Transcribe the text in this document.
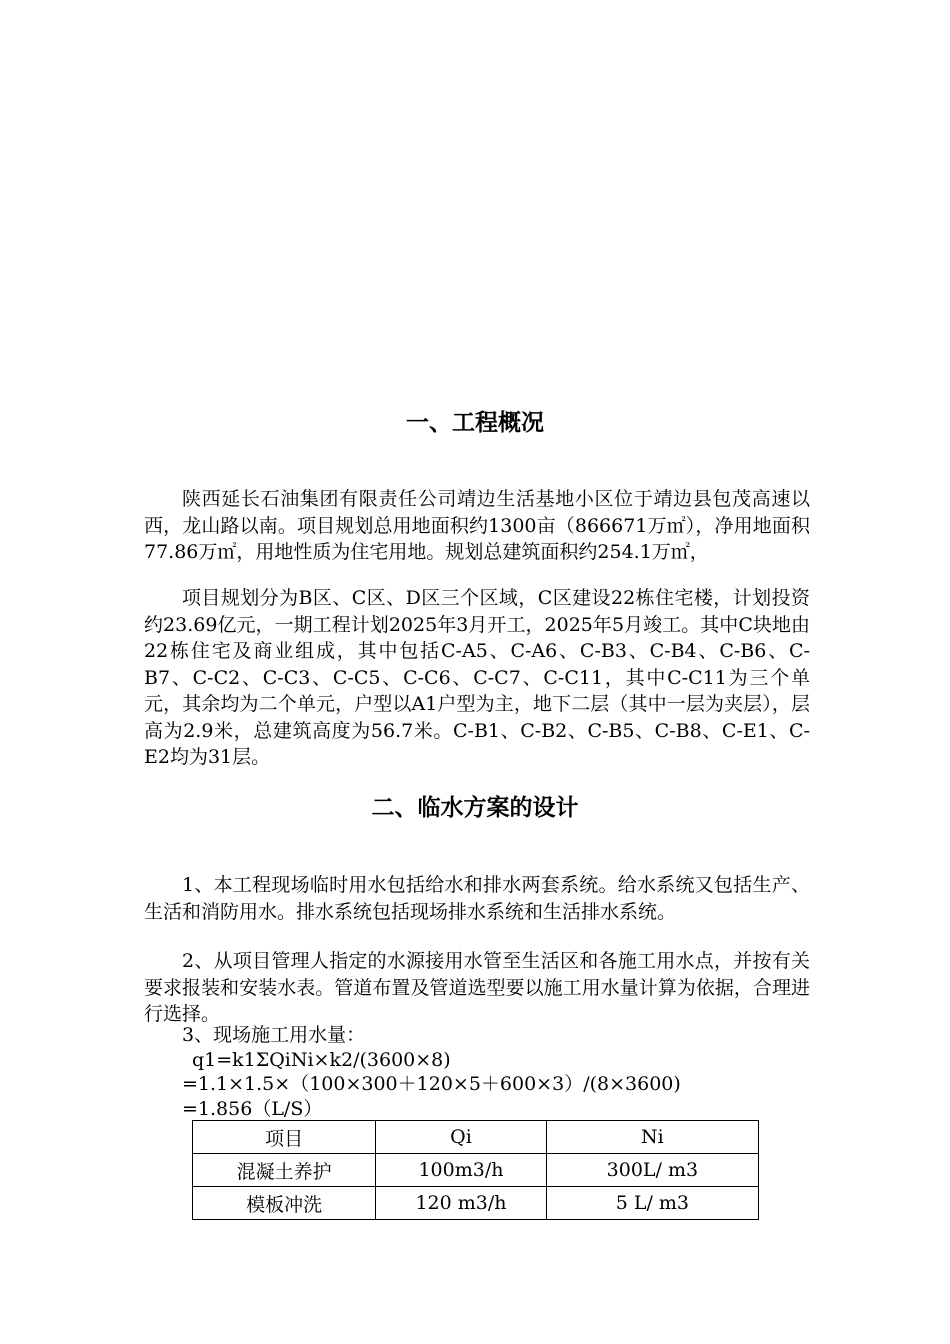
一、工程概况
陕西延长石油集团有限责任公司靖边生活基地小区位于靖边县包茂高速以西，龙山路以南。项目规划总用地面积约1300亩（866671万㎡），净用地面积77.86万㎡，用地性质为住宅用地。规划总建筑面积约254.1万㎡，
项目规划分为B区、C区、D区三个区域，C区建设22栋住宅楼，计划投资约23.69亿元，一期工程计划2025年3月开工，2025年5月竣工。其中C块地由22栋住宅及商业组成，其中包括C-A5、C-A6、C-B3、C-B4、C-B6、C-B7、C-C2、C-C3、C-C5、C-C6、C-C7、C-C11，其中C-C11为三个单元，其余均为二个单元，户型以A1户型为主，地下二层（其中一层为夹层），层高为2.9米，总建筑高度为56.7米。C-B1、C-B2、C-B5、C-B8、C-E1、C-E2均为31层。
二、临水方案的设计
1、本工程现场临时用水包括给水和排水两套系统。给水系统又包括生产、生活和消防用水。排水系统包括现场排水系统和生活排水系统。
2、从项目管理人指定的水源接用水管至生活区和各施工用水点，并按有关要求报装和安装水表。管道布置及管道选型要以施工用水量计算为依据，合理进行选择。
3、现场施工用水量：
q1=k1ΣQiNi×k2/(3600×8)
=1.1×1.5×（100×300＋120×5＋600×3）/(8×3600)
=1.856（L/S）
项目	Qi	Ni
混凝土养护	100m3/h	300L/ m3
模板冲洗	120 m3/h	5 L/ m3
